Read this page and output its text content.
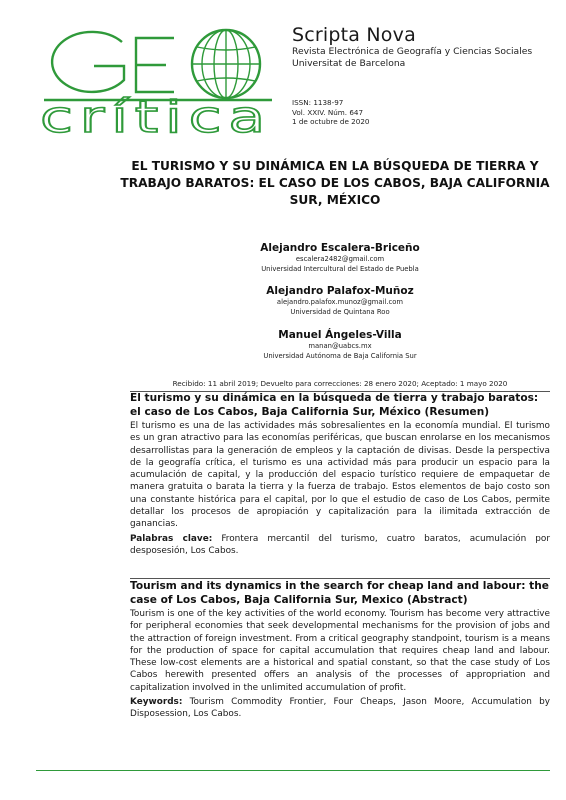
crítica
Scripta Nova
Revista Electrónica de Geografía y Ciencias Sociales
Universitat de Barcelona
ISSN: 1138-97
Vol. XXIV. Núm. 647
1 de octubre de 2020
EL TURISMO Y SU DINÁMICA EN LA BÚSQUEDA DE TIERRA Y TRABAJO BARATOS: EL CASO DE LOS CABOS, BAJA CALIFORNIA SUR, MÉXICO
Alejandro Escalera-Briceño
escalera2482@gmail.com
Universidad Intercultural del Estado de Puebla
Alejandro Palafox-Muñoz
alejandro.palafox.munoz@gmail.com
Universidad de Quintana Roo
Manuel Ángeles-Villa
manan@uabcs.mx
Universidad Autónoma de Baja California Sur
Recibido: 11 abril 2019; Devuelto para correcciones: 28 enero 2020; Aceptado: 1 mayo 2020
El turismo y su dinámica en la búsqueda de tierra y trabajo baratos: el caso de Los Cabos, Baja California Sur, México (Resumen)
El turismo es una de las actividades más sobresalientes en la economía mundial. El turismo es un gran atractivo para las economías periféricas, que buscan enrolarse en los mecanismos desarrollistas para la generación de empleos y la captación de divisas. Desde la perspectiva de la geografía crítica, el turismo es una actividad más para producir un espacio para la acumulación de capital, y la producción del espacio turístico requiere de empaquetar de manera gratuita o barata la tierra y la fuerza de trabajo. Estos elementos de bajo costo son una constante histórica para el capital, por lo que el estudio de caso de Los Cabos, permite detallar los procesos de apropiación y capitalización para la ilimitada extracción de ganancias.
Palabras clave: Frontera mercantil del turismo, cuatro baratos, acumulación por desposesión, Los Cabos.
Tourism and its dynamics in the search for cheap land and labour: the case of Los Cabos, Baja California Sur, Mexico (Abstract)
Tourism is one of the key activities of the world economy. Tourism has become very attractive for peripheral economies that seek developmental mechanisms for the provision of jobs and the attraction of foreign investment. From a critical geography standpoint, tourism is a means for the production of space for capital accumulation that requires cheap land and labour. These low-cost elements are a historical and spatial constant, so that the case study of Los Cabos herewith presented offers an analysis of the processes of appropriation and capitalization involved in the unlimited accumulation of profit.
Keywords: Tourism Commodity Frontier, Four Cheaps, Jason Moore, Accumulation by Disposession, Los Cabos.
